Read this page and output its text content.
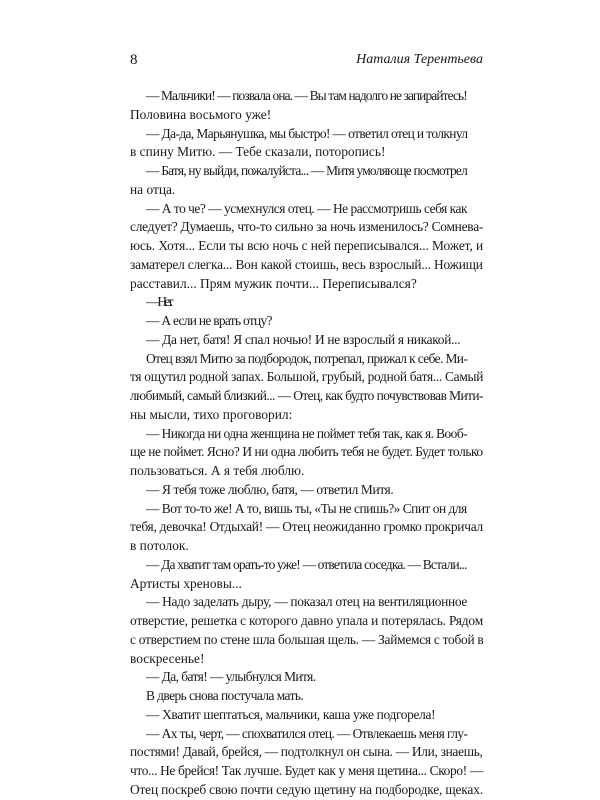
8	Наталия Терентьева

— Мальчики! — позвала она. — Вы там надолго не запирайтесь!
Половина восьмого уже!

— Да-да, Марьянушка, мы быстро! — ответил отец и толкнул
в спину Митю. — Тебе сказали, поторопись!

— Батя, ну выйди, пожалуйста... — Митя умоляюще посмотрел
на отца.

— А то че? — усмехнулся отец. — Не рассмотришь себя как
следует? Думаешь, что-то сильно за ночь изменилось? Сомнева-
юсь. Хотя... Если ты всю ночь с ней переписывался... Может, и
заматерел слегка... Вон какой стоишь, весь взрослый... Ножищи
расставил... Прям мужик почти... Переписывался?

— Нет.

— А если не врать отцу?

— Да нет, батя! Я спал ночью! И не взрослый я никакой...

Отец взял Митю за подбородок, потрепал, прижал к себе. Ми-
тя ощутил родной запах. Большой, грубый, родной батя... Самый
любимый, самый близкий... — Отец, как будто почувствовав Мити-
ны мысли, тихо проговорил:

— Никогда ни одна женщина не поймет тебя так, как я. Вооб-
ще не поймет. Ясно? И ни одна любить тебя не будет. Будет только
пользоваться. А я тебя люблю.

— Я тебя тоже люблю, батя, — ответил Митя.

— Вот то-то же! А то, вишь ты, «Ты не спишь?» Спит он для
тебя, девочка! Отдыхай! — Отец неожиданно громко прокричал
в потолок.

— Да хватит там орать-то уже! — ответила соседка. — Встали...
Артисты хреновы...

— Надо заделать дыру, — показал отец на вентиляционное
отверстие, решетка с которого давно упала и потерялась. Рядом
с отверстием по стене шла большая щель. — Займемся с тобой в
воскресенье!

— Да, батя! — улыбнулся Митя.

В дверь снова постучала мать.

— Хватит шептаться, мальчики, каша уже подгорела!

— Ах ты, черт, — спохватился отец. — Отвлекаешь меня глу-
постями! Давай, брейся, — подтолкнул он сына. — Или, знаешь,
что... Не брейся! Так лучше. Будет как у меня щетина... Скоро! —
Отец поскреб свою почти седую щетину на подбородке, щеках.
